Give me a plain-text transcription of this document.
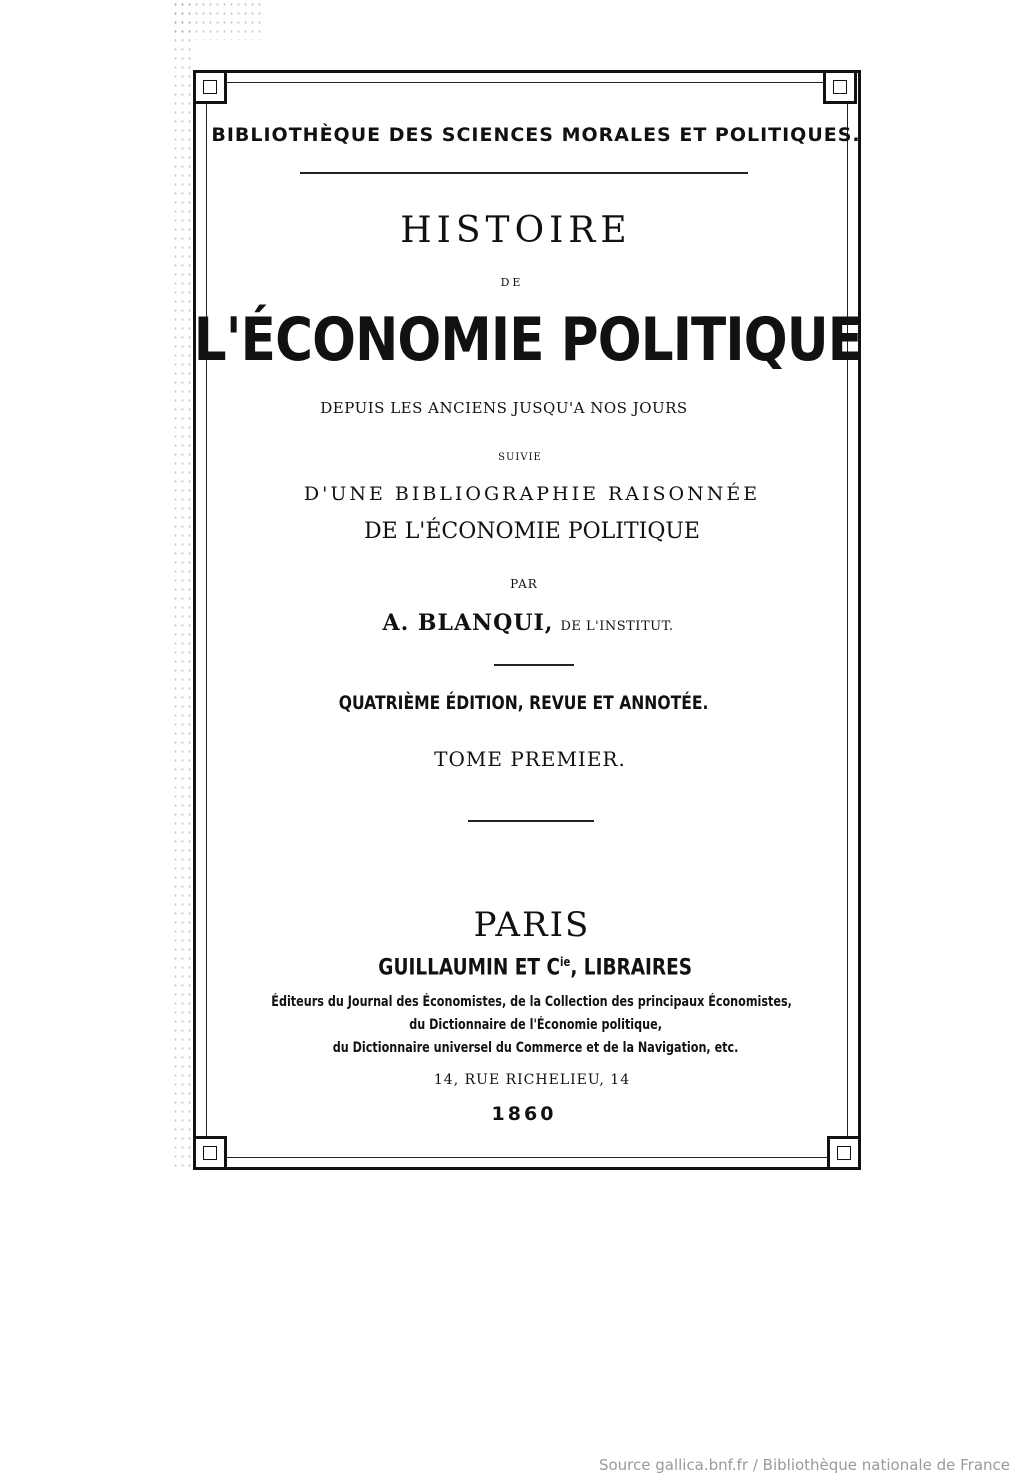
BIBLIOTHÈQUE DES SCIENCES MORALES ET POLITIQUES.
HISTOIRE
DE
L'ÉCONOMIE POLITIQUE
DEPUIS LES ANCIENS JUSQU'A NOS JOURS
SUIVIE
D'UNE BIBLIOGRAPHIE RAISONNÉE
DE L'ÉCONOMIE POLITIQUE
PAR
A. BLANQUI, DE L'INSTITUT.
QUATRIÈME ÉDITION, REVUE ET ANNOTÉE.
TOME PREMIER.
PARIS
GUILLAUMIN ET $C^{ie}$, LIBRAIRES
Éditeurs du Journal des Économistes, de la Collection des principaux Économistes,
du Dictionnaire de l'Économie politique,
du Dictionnaire universel du Commerce et de la Navigation, etc.
14, RUE RICHELIEU, 14
1860
Source gallica.bnf.fr / Bibliothèque nationale de France
